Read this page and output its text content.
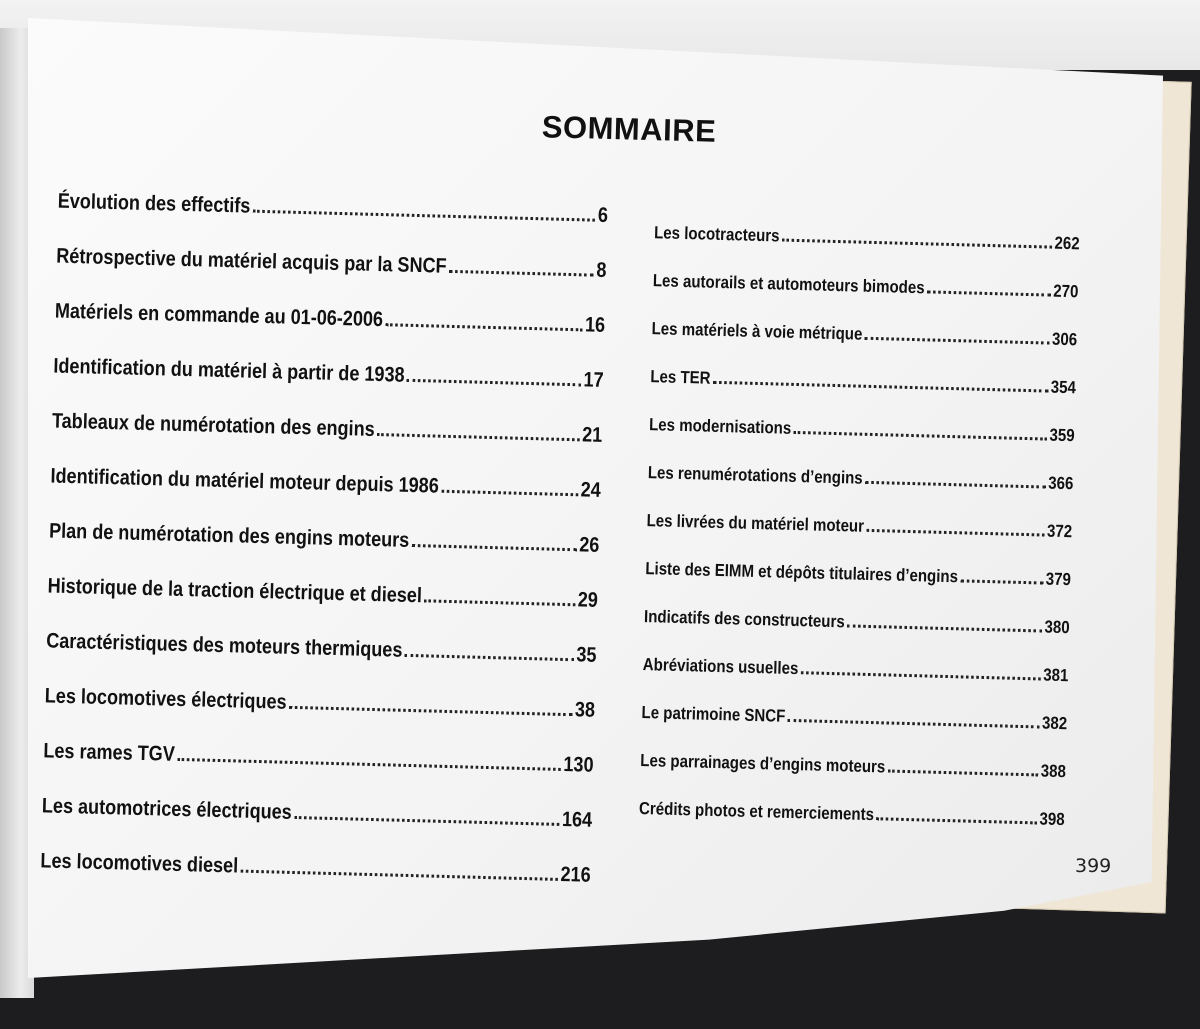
SOMMAIRE
Évolution des effectifs	6
Rétrospective du matériel acquis par la SNCF	8
Matériels en commande au 01-06-2006	16
Identification du matériel à partir de 1938	17
Tableaux de numérotation des engins	21
Identification du matériel moteur depuis 1986	24
Plan de numérotation des engins moteurs	26
Historique de la traction électrique et diesel	29
Caractéristiques des moteurs thermiques	35
Les locomotives électriques	38
Les rames TGV	130
Les automotrices électriques	164
Les locomotives diesel	216
Les locotracteurs	262
Les autorails et automoteurs bimodes	270
Les matériels à voie métrique	306
Les TER	354
Les modernisations	359
Les renumérotations d’engins	366
Les livrées du matériel moteur	372
Liste des EIMM et dépôts titulaires d’engins	379
Indicatifs des constructeurs	380
Abréviations usuelles	381
Le patrimoine SNCF	382
Les parrainages d’engins moteurs	388
Crédits photos et remerciements	398
399
